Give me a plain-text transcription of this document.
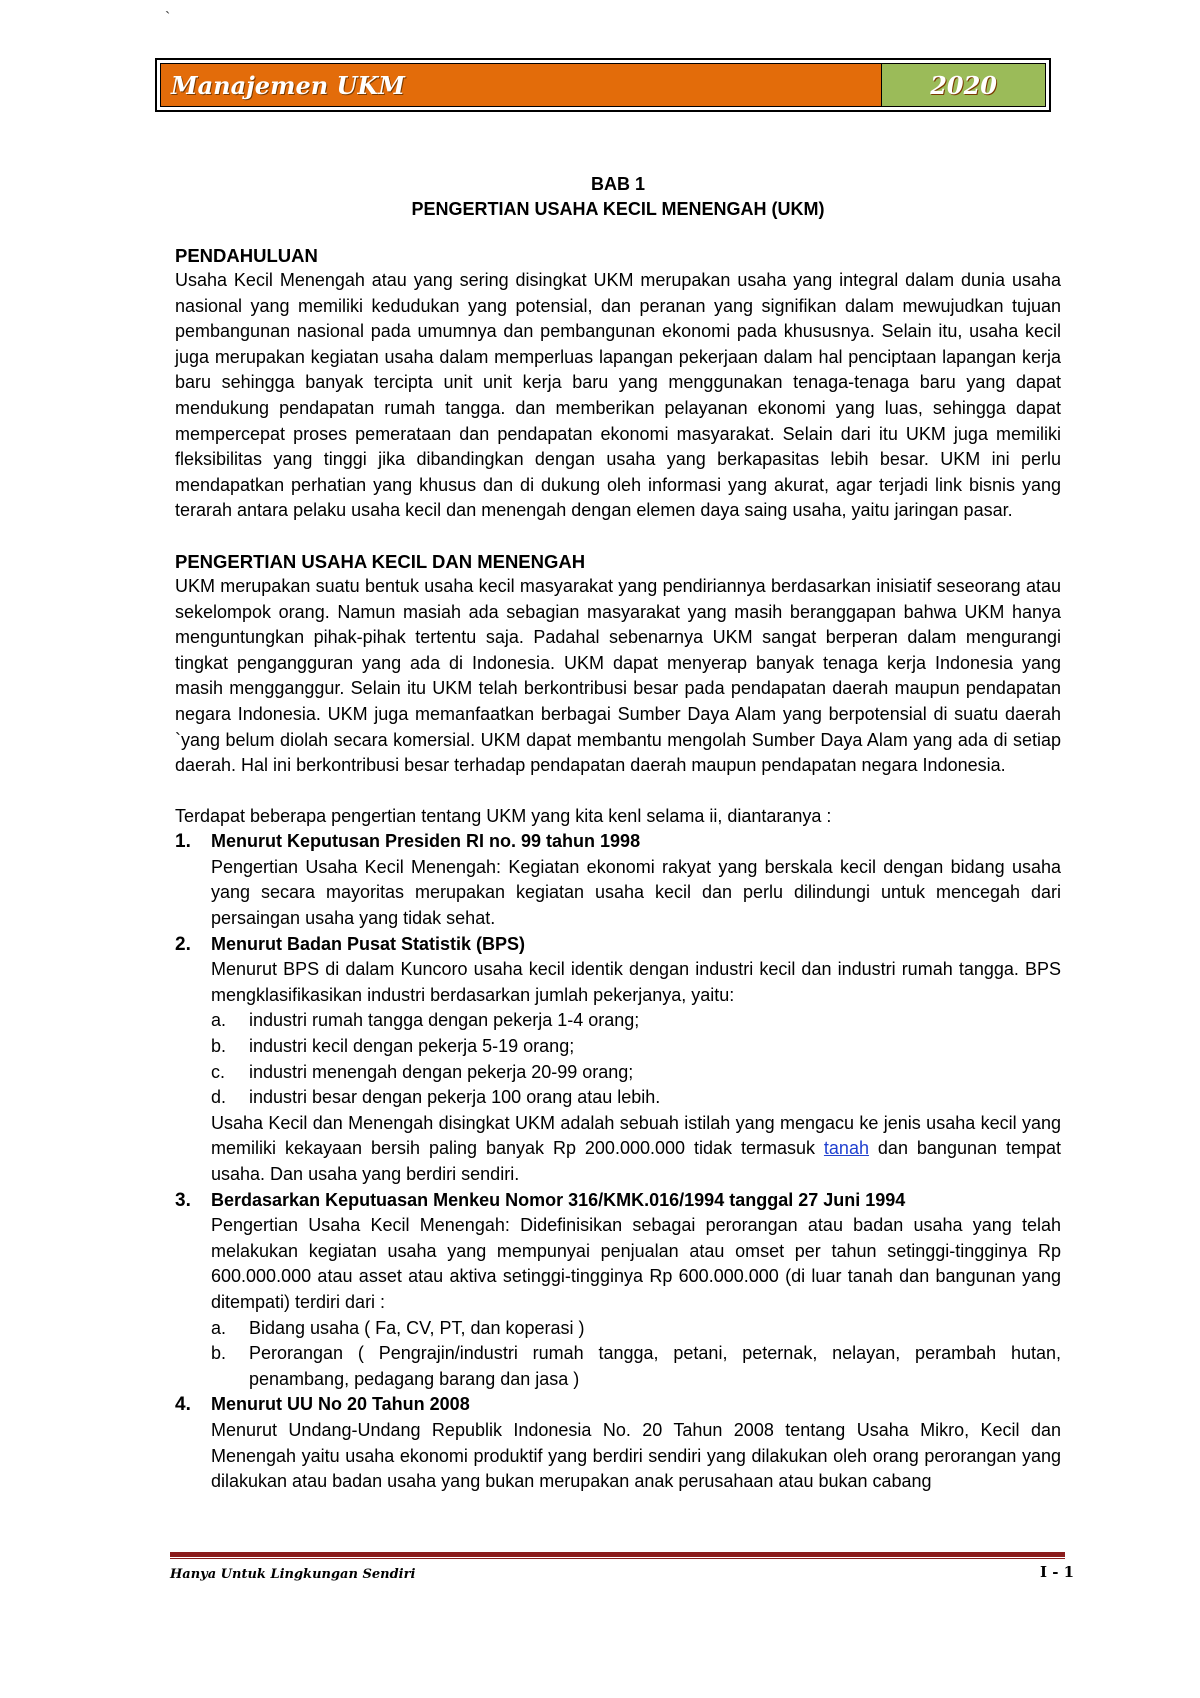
`
Manajemen UKM	2020
BAB 1
PENGERTIAN USAHA KECIL MENENGAH (UKM)
PENDAHULUAN
Usaha Kecil Menengah atau yang sering disingkat UKM merupakan usaha yang integral dalam dunia usaha nasional yang memiliki kedudukan yang potensial, dan peranan yang signifikan dalam mewujudkan tujuan pembangunan nasional pada umumnya dan pembangunan ekonomi pada khususnya. Selain itu, usaha kecil juga merupakan kegiatan usaha dalam memperluas lapangan pekerjaan dalam hal penciptaan lapangan kerja baru sehingga banyak tercipta unit unit kerja baru yang menggunakan tenaga-tenaga baru yang dapat mendukung pendapatan rumah tangga. dan memberikan pelayanan ekonomi yang luas, sehingga dapat mempercepat proses pemerataan dan pendapatan ekonomi masyarakat. Selain dari itu UKM juga memiliki fleksibilitas yang tinggi jika dibandingkan dengan usaha yang berkapasitas lebih besar. UKM ini perlu mendapatkan perhatian yang khusus dan di dukung oleh informasi yang akurat, agar terjadi link bisnis yang terarah antara pelaku usaha kecil dan menengah dengan elemen daya saing usaha, yaitu jaringan pasar.
PENGERTIAN USAHA KECIL DAN MENENGAH
UKM merupakan suatu bentuk usaha kecil masyarakat yang pendiriannya berdasarkan inisiatif seseorang atau sekelompok orang. Namun masiah ada sebagian masyarakat yang masih beranggapan bahwa UKM hanya menguntungkan pihak-pihak tertentu saja. Padahal sebenarnya UKM sangat berperan dalam mengurangi tingkat pengangguran yang ada di Indonesia. UKM dapat menyerap banyak tenaga kerja Indonesia yang masih mengganggur. Selain itu UKM telah berkontribusi besar pada pendapatan daerah maupun pendapatan negara Indonesia. UKM juga memanfaatkan berbagai Sumber Daya Alam yang berpotensial di suatu daerah `yang belum diolah secara komersial. UKM dapat membantu mengolah Sumber Daya Alam yang ada di setiap daerah. Hal ini berkontribusi besar terhadap pendapatan daerah maupun pendapatan negara Indonesia.
Terdapat beberapa pengertian tentang UKM yang kita kenl selama ii, diantaranya :
1. Menurut Keputusan Presiden RI no. 99 tahun 1998
Pengertian Usaha Kecil Menengah: Kegiatan ekonomi rakyat yang berskala kecil dengan bidang usaha yang secara mayoritas merupakan kegiatan usaha kecil dan perlu dilindungi untuk mencegah dari persaingan usaha yang tidak sehat.
2. Menurut Badan Pusat Statistik (BPS)
Menurut BPS di dalam Kuncoro usaha kecil identik dengan industri kecil dan industri rumah tangga. BPS mengklasifikasikan industri berdasarkan jumlah pekerjanya, yaitu:
a. industri rumah tangga dengan pekerja 1-4 orang;
b. industri kecil dengan pekerja 5-19 orang;
c. industri menengah dengan pekerja 20-99 orang;
d. industri besar dengan pekerja 100 orang atau lebih.
Usaha Kecil dan Menengah disingkat UKM adalah sebuah istilah yang mengacu ke jenis usaha kecil yang memiliki kekayaan bersih paling banyak Rp 200.000.000 tidak termasuk tanah dan bangunan tempat usaha. Dan usaha yang berdiri sendiri.
3. Berdasarkan Keputuasan Menkeu Nomor 316/KMK.016/1994 tanggal 27 Juni 1994
Pengertian Usaha Kecil Menengah: Didefinisikan sebagai perorangan atau badan usaha yang telah melakukan kegiatan usaha yang mempunyai penjualan atau omset per tahun setinggi-tingginya Rp 600.000.000 atau asset atau aktiva setinggi-tingginya Rp 600.000.000 (di luar tanah dan bangunan yang ditempati) terdiri dari :
a. Bidang usaha ( Fa, CV, PT, dan koperasi )
b. Perorangan ( Pengrajin/industri rumah tangga, petani, peternak, nelayan, perambah hutan, penambang, pedagang barang dan jasa )
4. Menurut UU No 20 Tahun 2008
Menurut Undang-Undang Republik Indonesia No. 20 Tahun 2008 tentang Usaha Mikro, Kecil dan Menengah yaitu usaha ekonomi produktif yang berdiri sendiri yang dilakukan oleh orang perorangan yang dilakukan atau badan usaha yang bukan merupakan anak perusahaan atau bukan cabang
Hanya Untuk Lingkungan Sendiri	I - 1
